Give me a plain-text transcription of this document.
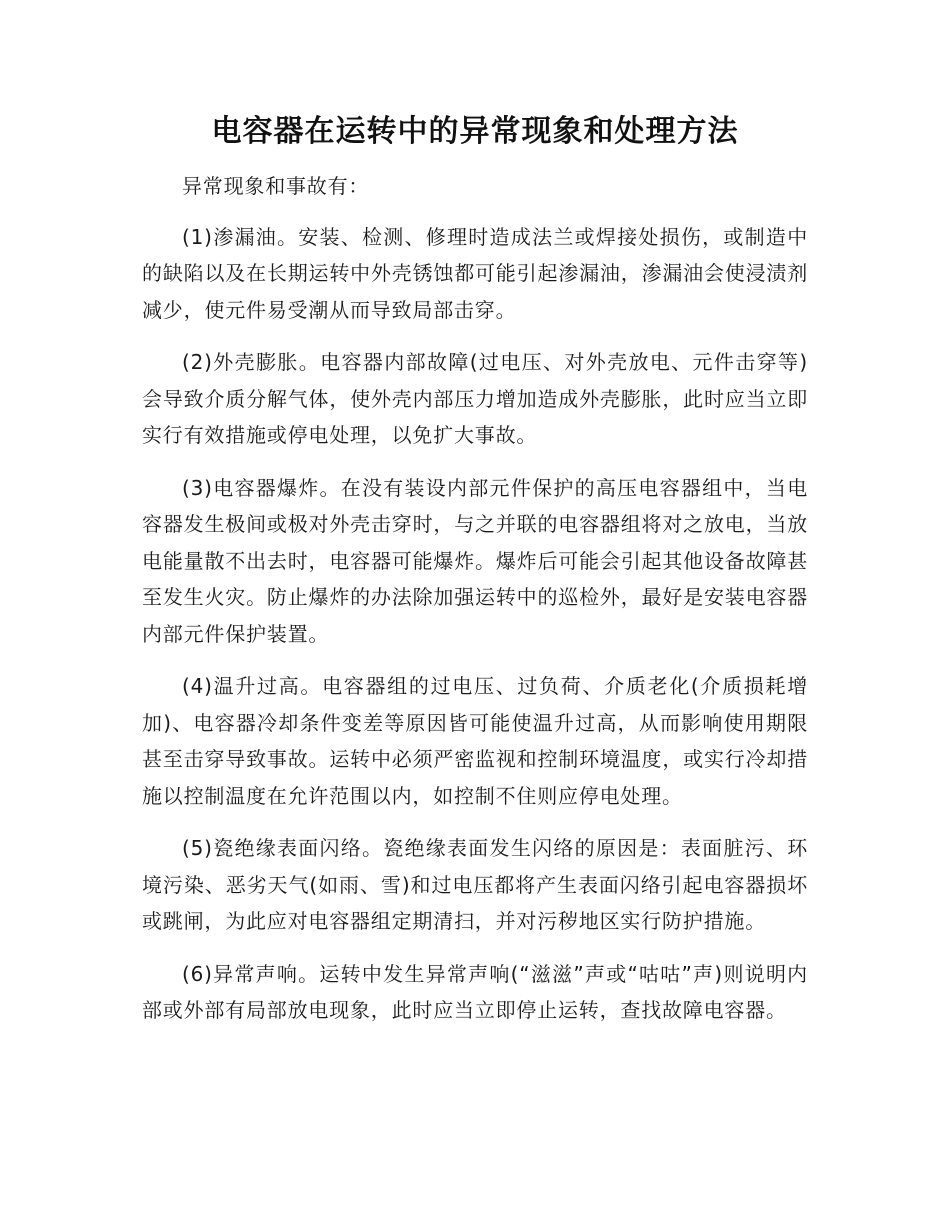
电容器在运转中的异常现象和处理方法

异常现象和事故有：

(1)渗漏油。安装、检测、修理时造成法兰或焊接处损伤，或制造中的缺陷以及在长期运转中外壳锈蚀都可能引起渗漏油，渗漏油会使浸渍剂减少，使元件易受潮从而导致局部击穿。

(2)外壳膨胀。电容器内部故障(过电压、对外壳放电、元件击穿等)会导致介质分解气体，使外壳内部压力增加造成外壳膨胀，此时应当立即实行有效措施或停电处理，以免扩大事故。

(3)电容器爆炸。在没有装设内部元件保护的高压电容器组中，当电容器发生极间或极对外壳击穿时，与之并联的电容器组将对之放电，当放电能量散不出去时，电容器可能爆炸。爆炸后可能会引起其他设备故障甚至发生火灾。防止爆炸的办法除加强运转中的巡检外，最好是安装电容器内部元件保护装置。

(4)温升过高。电容器组的过电压、过负荷、介质老化(介质损耗增加)、电容器冷却条件变差等原因皆可能使温升过高，从而影响使用期限甚至击穿导致事故。运转中必须严密监视和控制环境温度，或实行冷却措施以控制温度在允许范围以内，如控制不住则应停电处理。

(5)瓷绝缘表面闪络。瓷绝缘表面发生闪络的原因是：表面脏污、环境污染、恶劣天气(如雨、雪)和过电压都将产生表面闪络引起电容器损坏或跳闸，为此应对电容器组定期清扫，并对污秽地区实行防护措施。

(6)异常声响。运转中发生异常声响(“滋滋”声或“咕咕”声)则说明内部或外部有局部放电现象，此时应当立即停止运转，查找故障电容器。
